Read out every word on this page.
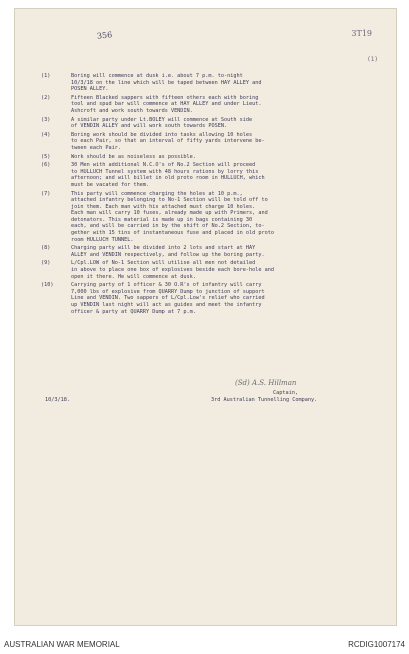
356	3T19
(1)
(1)	Boring will commence at dusk i.e. about 7 p.m. to-night
10/3/18 on the line which will be taped between HAY ALLEY and
POSEN ALLEY.
(2)	Fifteen Blacked sappers with fifteen others each with boring
tool and spud bar will commence at HAY ALLEY and under Lieut.
Ashcroft and work south towards VENDIN.
(3)	A similar party under Lt.BOLEY will commence at South side
of VENDIN ALLEY and will work south towards POSEN.
(4)	Boring work should be divided into tasks allowing 10 holes
to each Pair, so that an interval of fifty yards intervene be-
tween each Pair.
(5)	Work should be as noiseless as possible.
(6)	30 Men with additional N.C.O's of No.2 Section will proceed
to HULLUCH Tunnel system with 48 hours rations by lorry this
afternoon; and will billet in old proto room in HULLUCH, which
must be vacated for them.
(7)	This party will commence charging the holes at 10 p.m.,
attached infantry belonging to No-1 Section will be told off to
join them. Each man with his attached must charge 10 holes.
Each man will carry 10 fuses, already made up with Primers, and
detonators. This material is made up in bags containing 30
each, and will be carried in by the shift of No.2 Section, to-
gether with 15 tins of instantaneous fuse and placed in old proto
room HULLUCH TUNNEL.
(8)	Charging party will be divided into 2 lots and start at HAY
ALLEY and VENDIN respectively, and follow up the boring party.
(9)	L/Cpl.LOW of No-1 Section will utilise all men not detailed
in above to place one box of explosives beside each bore-hole and
open it there. He will commence at dusk.
(10)	Carrying party of 1 officer & 30 O.R's of infantry will carry
7,000 lbs of explosive from QUARRY Dump to junction of support
Line and VENDIN. Two sappers of L/Cpl.Low's relief who carried
up VENDIN last night will act as guides and meet the infantry
officer & party at QUARRY Dump at 7 p.m.
(Sd) A.S. Hillman
Captain,
3rd Australian Tunnelling Company.
10/3/18.
AUSTRALIAN WAR MEMORIAL	RCDIG1007174
